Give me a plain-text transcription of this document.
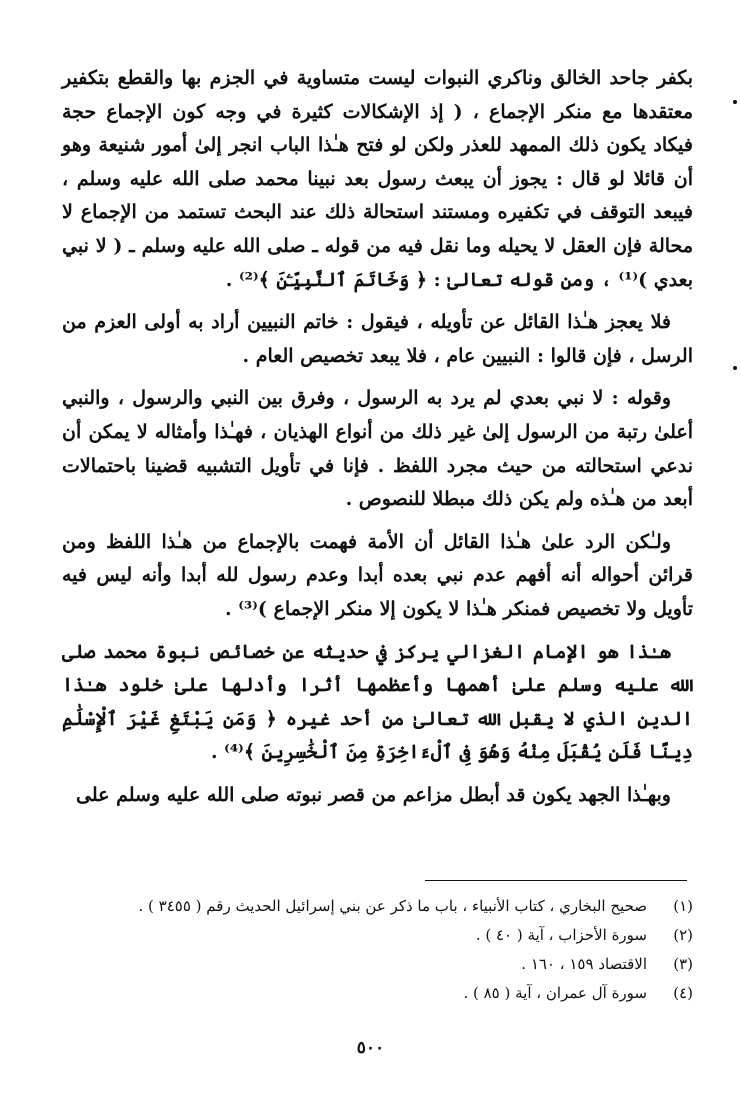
بكفر جاحد الخالق وناكري النبوات ليست متساوية في الجزم بها والقطع بتكفير معتقدها مع منكر الإجماع ، ( إذ الإشكالات كثيرة في وجه كون الإجماع حجة فيكاد يكون ذلك الممهد للعذر ولكن لو فتح هـٰذا الباب انجر إلىٰ أمور شنيعة وهو أن قائلا لو قال : يجوز أن يبعث رسول بعد نبينا محمد صلى الله عليه وسلم ، فيبعد التوقف في تكفيره ومستند استحالة ذلك عند البحث تستمد من الإجماع لا محالة فإن العقل لا يحيله وما نقل فيه من قوله ـ صلى الله عليه وسلم ـ ( لا نبي بعدي )⁽¹⁾ ، ومن قوله تعالىٰ : ﴿ وَخَاتَمَ ٱلنَّبِيِّـۧنَ ﴾⁽²⁾ .

فلا يعجز هـٰذا القائل عن تأويله ، فيقول : خاتم النبيين أراد به أولى العزم من الرسل ، فإن قالوا : النبيين عام ، فلا يبعد تخصيص العام .

وقوله : لا نبي بعدي لم يرد به الرسول ، وفرق بين النبي والرسول ، والنبي أعلىٰ رتبة من الرسول إلىٰ غير ذلك من أنواع الهذيان ، فهـٰذا وأمثاله لا يمكن أن ندعي استحالته من حيث مجرد اللفظ . فإنا في تأويل التشبيه قضينا باحتمالات أبعد من هـٰذه ولم يكن ذلك مبطلا للنصوص .

ولـٰكن الرد علىٰ هـٰذا القائل أن الأمة فهمت بالإجماع من هـٰذا اللفظ ومن قرائن أحواله أنه أفهم عدم نبي بعده أبدا وعدم رسول لله أبدا وأنه ليس فيه تأويل ولا تخصيص فمنكر هـٰذا لا يكون إلا منكر الإجماع )⁽³⁾ .

هـٰذا هو الإمام الغزالي يركز في حديثه عن خصائص نبوة محمد صلى الله عليه وسلم علىٰ أهمها وأعظمها أثرا وأدلها علىٰ خلود هـٰذا الدين الذي لا يقبل الله تعالىٰ من أحد غيره ﴿ وَمَن يَبْتَغِ غَيْرَ ٱلْإِسْلَٰمِ دِينًا فَلَن يُقْبَلَ مِنْهُ وَهُوَ فِى ٱلْءَاخِرَةِ مِنَ ٱلْخَٰسِرِينَ ﴾⁽⁴⁾ .

وبهـٰذا الجهد يكون قد أبطل مزاعم من قصر نبوته صلى الله عليه وسلم على

(١)
صحيح البخاري ، كتاب الأنبياء ، باب ما ذكر عن بني إسرائيل الحديث رقم ( ٣٤٥٥ ) .
(٢)
سورة الأحزاب ، آية ( ٤٠ ) .
(٣)
الاقتصاد ١٥٩ ، ١٦٠ .
(٤)
سورة آل عمران ، آية ( ٨٥ ) .
٥٠٠
